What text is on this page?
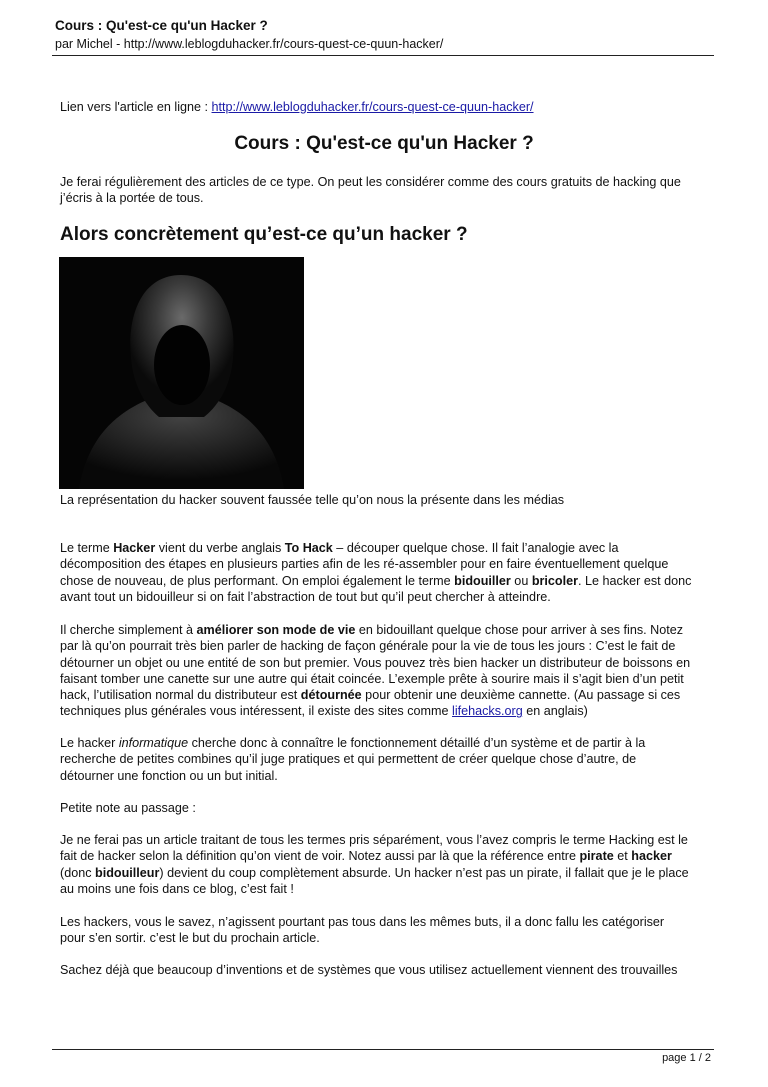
Cours : Qu'est-ce qu'un Hacker ?
par Michel - http://www.leblogduhacker.fr/cours-quest-ce-quun-hacker/
Lien vers l'article en ligne : http://www.leblogduhacker.fr/cours-quest-ce-quun-hacker/
Cours : Qu'est-ce qu'un Hacker ?
Je ferai régulièrement des articles de ce type. On peut les considérer comme des cours gratuits de hacking que
j’écris à la portée de tous.
Alors concrètement qu’est-ce qu’un hacker ?
La représentation du hacker souvent faussée telle qu’on nous la présente dans les médias
Le terme Hacker vient du verbe anglais To Hack – découper quelque chose. Il fait l’analogie avec la
décomposition des étapes en plusieurs parties afin de les ré-assembler pour en faire éventuellement quelque
chose de nouveau, de plus performant. On emploi également le terme bidouiller ou bricoler. Le hacker est donc
avant tout un bidouilleur si on fait l’abstraction de tout but qu’il peut chercher à atteindre.
Il cherche simplement à améliorer son mode de vie en bidouillant quelque chose pour arriver à ses fins. Notez
par là qu’on pourrait très bien parler de hacking de façon générale pour la vie de tous les jours : C’est le fait de
détourner un objet ou une entité de son but premier. Vous pouvez très bien hacker un distributeur de boissons en
faisant tomber une canette sur une autre qui était coincée. L’exemple prête à sourire mais il s’agit bien d’un petit
hack, l’utilisation normal du distributeur est détournée pour obtenir une deuxième cannette. (Au passage si ces
techniques plus générales vous intéressent, il existe des sites comme lifehacks.org en anglais)
Le hacker informatique cherche donc à connaître le fonctionnement détaillé d’un système et de partir à la
recherche de petites combines qu’il juge pratiques et qui permettent de créer quelque chose d’autre, de
détourner une fonction ou un but initial.
Petite note au passage :
Je ne ferai pas un article traitant de tous les termes pris séparément, vous l’avez compris le terme Hacking est le
fait de hacker selon la définition qu’on vient de voir. Notez aussi par là que la référence entre pirate et hacker
(donc bidouilleur) devient du coup complètement absurde. Un hacker n’est pas un pirate, il fallait que je le place
au moins une fois dans ce blog, c’est fait !
Les hackers, vous le savez, n’agissent pourtant pas tous dans les mêmes buts, il a donc fallu les catégoriser
pour s’en sortir. c’est le but du prochain article.
Sachez déjà que beaucoup d’inventions et de systèmes que vous utilisez actuellement viennent des trouvailles
page 1 / 2
